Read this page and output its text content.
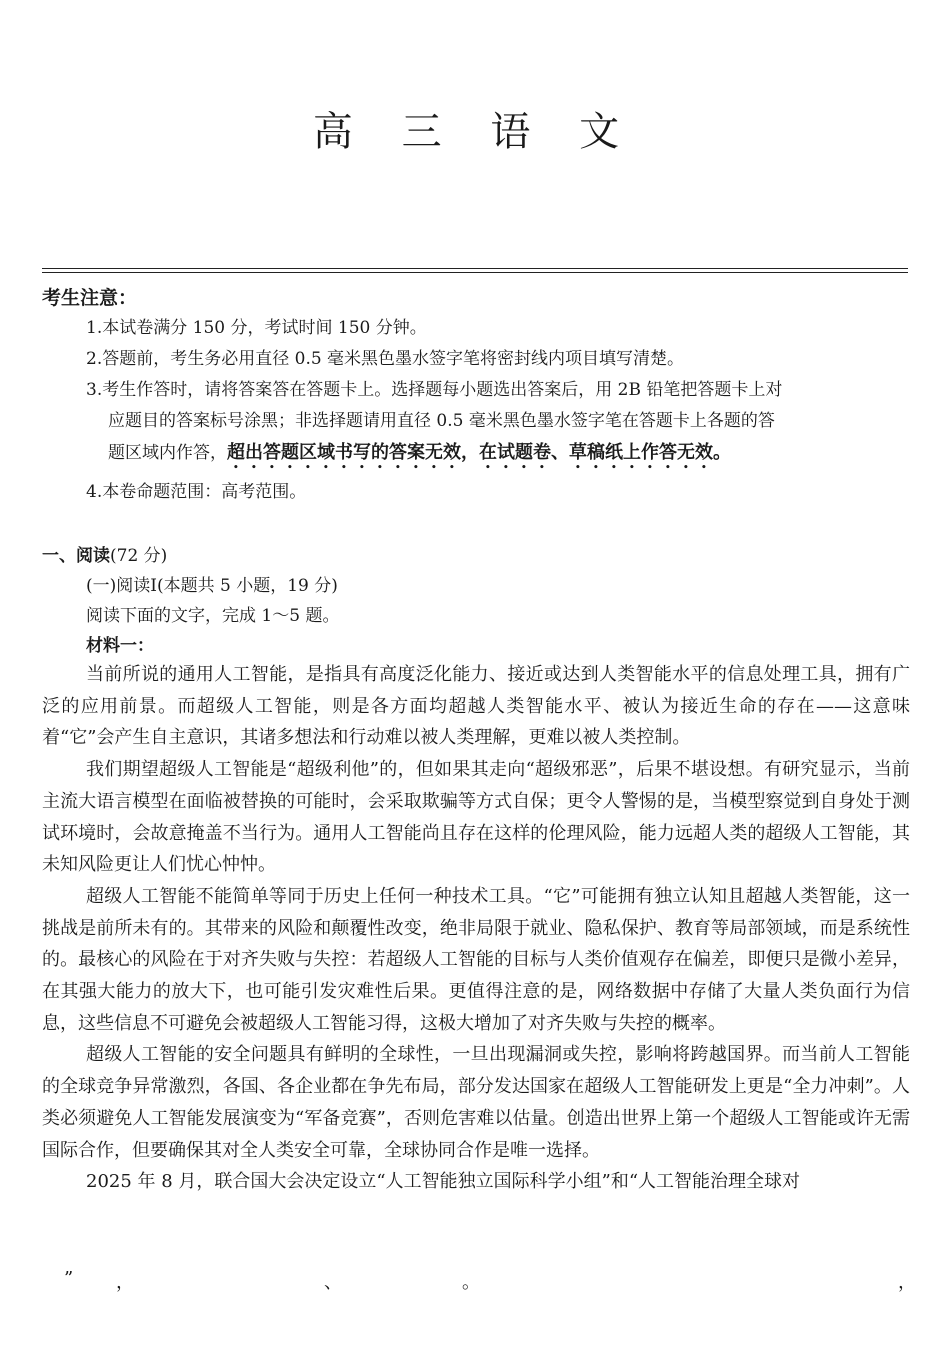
高 三 语 文
考生注意：
1.本试卷满分 150 分，考试时间 150 分钟。
2.答题前，考生务必用直径 0.5 毫米黑色墨水签字笔将密封线内项目填写清楚。
3.考生作答时，请将答案答在答题卡上。选择题每小题选出答案后，用 2B 铅笔把答题卡上对
应题目的答案标号涂黑；非选择题请用直径 0.5 毫米黑色墨水签字笔在答题卡上各题的答
题区域内作答，超出答题区域书写的答案无效，在试题卷、草稿纸上作答无效。
4.本卷命题范围：高考范围。
一、阅读(72 分)
(一)阅读Ⅰ(本题共 5 小题，19 分)
阅读下面的文字，完成 1～5 题。
材料一：

当前所说的通用人工智能，是指具有高度泛化能力、接近或达到人类智能水平的信息处理工具，拥有广泛的应用前景。而超级人工智能，则是各方面均超越人类智能水平、被认为接近生命的存在——这意味着“它”会产生自主意识，其诸多想法和行动难以被人类理解，更难以被人类控制。

我们期望超级人工智能是“超级利他”的，但如果其走向“超级邪恶”，后果不堪设想。有研究显示，当前主流大语言模型在面临被替换的可能时，会采取欺骗等方式自保；更令人警惕的是，当模型察觉到自身处于测试环境时，会故意掩盖不当行为。通用人工智能尚且存在这样的伦理风险，能力远超人类的超级人工智能，其未知风险更让人们忧心忡忡。

超级人工智能不能简单等同于历史上任何一种技术工具。“它”可能拥有独立认知且超越人类智能，这一挑战是前所未有的。其带来的风险和颠覆性改变，绝非局限于就业、隐私保护、教育等局部领域，而是系统性的。最核心的风险在于对齐失败与失控：若超级人工智能的目标与人类价值观存在偏差，即便只是微小差异，在其强大能力的放大下，也可能引发灾难性后果。更值得注意的是，网络数据中存储了大量人类负面行为信息，这些信息不可避免会被超级人工智能习得，这极大增加了对齐失败与失控的概率。

超级人工智能的安全问题具有鲜明的全球性，一旦出现漏洞或失控，影响将跨越国界。而当前人工智能的全球竞争异常激烈，各国、各企业都在争先布局，部分发达国家在超级人工智能研发上更是“全力冲刺”。人类必须避免人工智能发展演变为“军备竞赛”，否则危害难以估量。创造出世界上第一个超级人工智能或许无需国际合作，但要确保其对全人类安全可靠，全球协同合作是唯一选择。

2025 年 8 月，联合国大会决定设立“人工智能独立国际科学小组”和“人工智能治理全球对

” ，	、	。	，
